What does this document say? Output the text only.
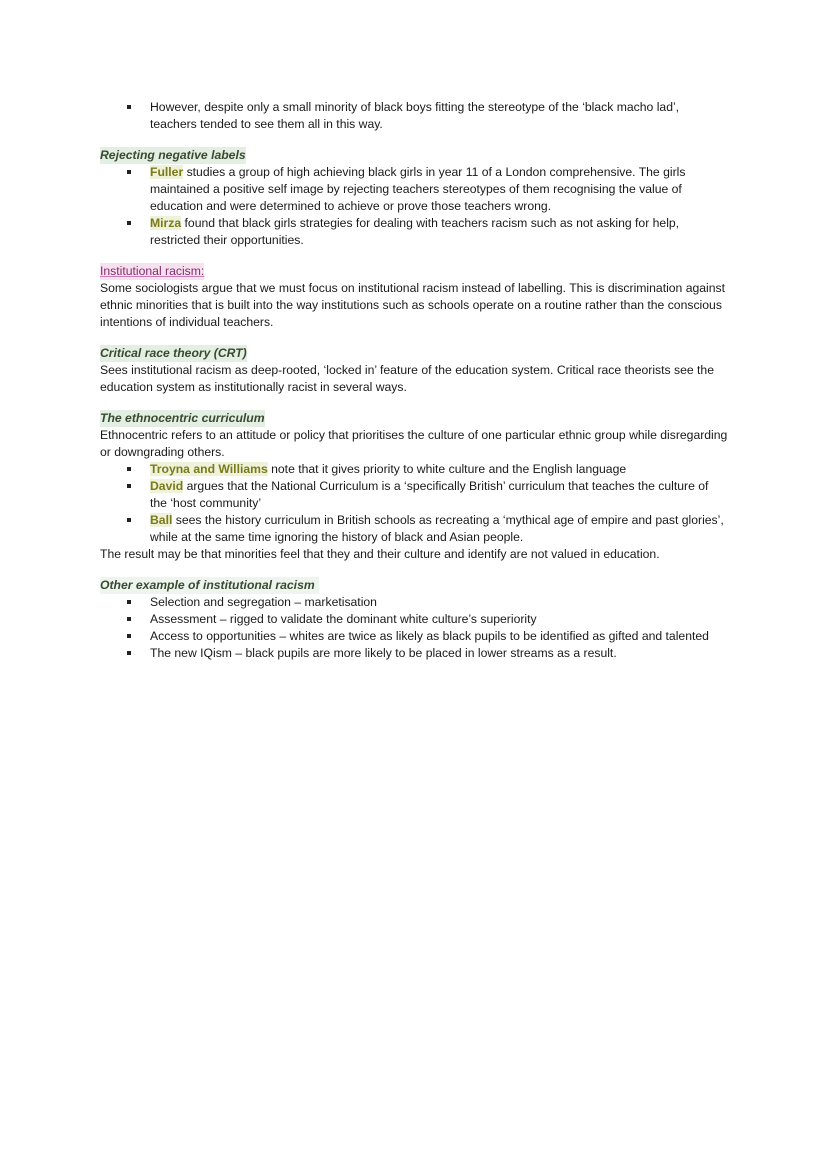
However, despite only a small minority of black boys fitting the stereotype of the ‘black macho lad’, teachers tended to see them all in this way.

Rejecting negative labels

Fuller studies a group of high achieving black girls in year 11 of a London comprehensive. The girls maintained a positive self image by rejecting teachers stereotypes of them recognising the value of education and were determined to achieve or prove those teachers wrong.
Mirza found that black girls strategies for dealing with teachers racism such as not asking for help, restricted their opportunities.

Institutional racism:

Some sociologists argue that we must focus on institutional racism instead of labelling. This is discrimination against ethnic minorities that is built into the way institutions such as schools operate on a routine rather than the conscious intentions of individual teachers.

Critical race theory (CRT)

Sees institutional racism as deep-rooted, ‘locked in’ feature of the education system. Critical race theorists see the education system as institutionally racist in several ways.

The ethnocentric curriculum

Ethnocentric refers to an attitude or policy that prioritises the culture of one particular ethnic group while disregarding or downgrading others.

Troyna and Williams note that it gives priority to white culture and the English language
David argues that the National Curriculum is a ‘specifically British’ curriculum that teaches the culture of the ‘host community’
Ball sees the history curriculum in British schools as recreating a ‘mythical age of empire and past glories’, while at the same time ignoring the history of black and Asian people.

The result may be that minorities feel that they and their culture and identify are not valued in education.

Other example of institutional racism

Selection and segregation – marketisation
Assessment – rigged to validate the dominant white culture’s superiority
Access to opportunities – whites are twice as likely as black pupils to be identified as gifted and talented
The new IQism – black pupils are more likely to be placed in lower streams as a result.
